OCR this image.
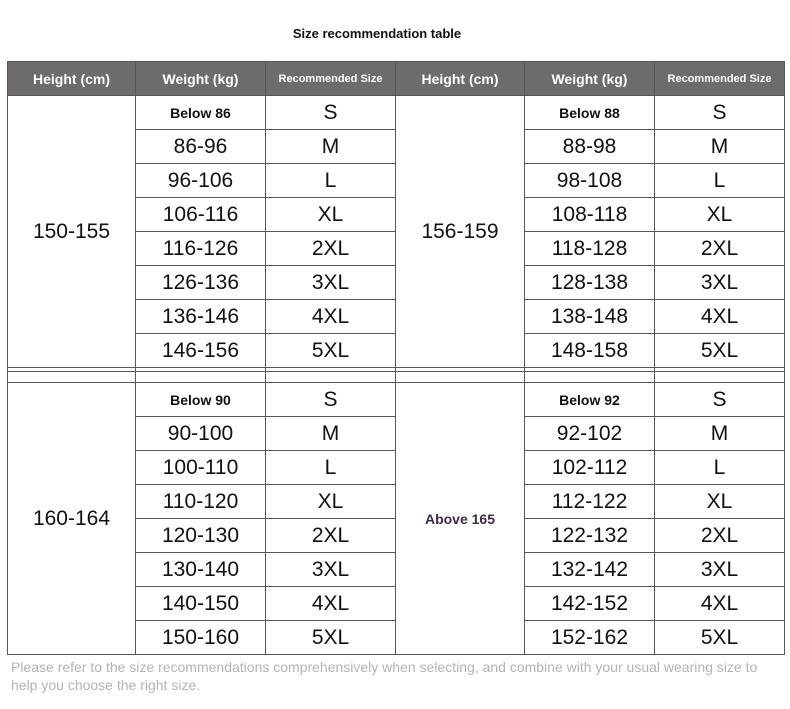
Size recommendation table
Height (cm)	Weight (kg)	Recommended Size	Height (cm)	Weight (kg)	Recommended Size
150-155	Below 86	S	156-159	Below 88	S
	86-96	M		88-98	M
	96-106	L		98-108	L
	106-116	XL		108-118	XL
	116-126	2XL		118-128	2XL
	126-136	3XL		128-138	3XL
	136-146	4XL		138-148	4XL
	146-156	5XL		148-158	5XL

160-164	Below 90	S	Above 165	Below 92	S
	90-100	M		92-102	M
	100-110	L		102-112	L
	110-120	XL		112-122	XL
	120-130	2XL		122-132	2XL
	130-140	3XL		132-142	3XL
	140-150	4XL		142-152	4XL
	150-160	5XL		152-162	5XL
Please refer to the size recommendations comprehensively when selecting, and combine with your usual wearing size to help you choose the right size.
